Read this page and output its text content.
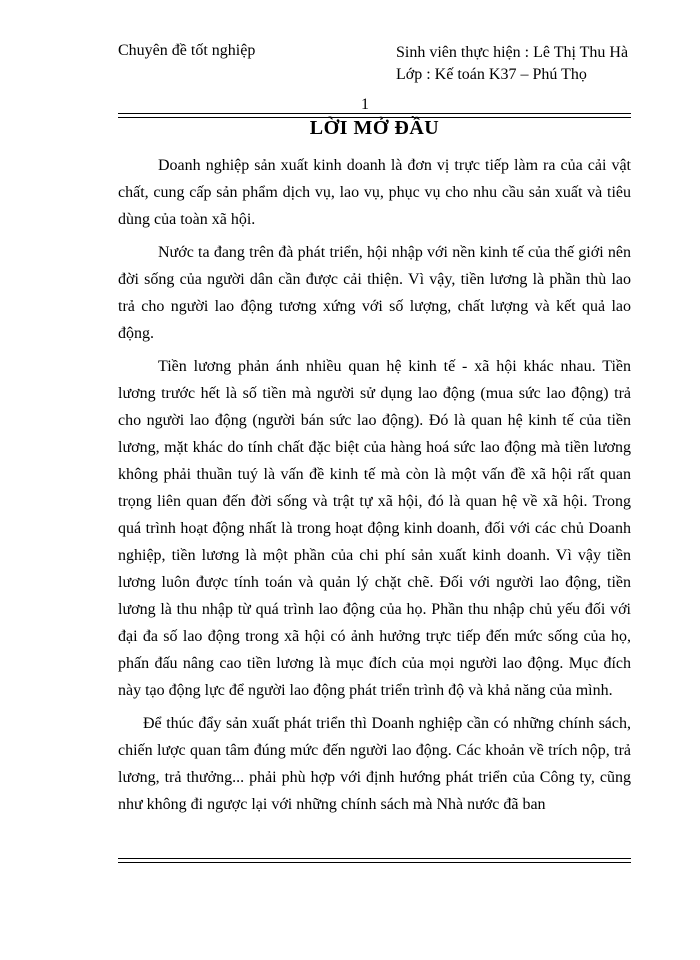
Chuyên đề tốt nghiệp	Sinh viên thực hiện : Lê Thị Thu Hà
Lớp : Kế toán K37 – Phú Thọ
1
LỜI MỞ ĐẦU

Doanh nghiệp sản xuất kinh doanh là đơn vị trực tiếp làm ra của cải vật chất, cung cấp sản phẩm dịch vụ, lao vụ, phục vụ cho nhu cầu sản xuất và tiêu dùng của toàn xã hội.

Nước ta đang trên đà phát triển, hội nhập với nền kinh tế của thế giới nên đời sống của người dân cần được cải thiện. Vì vậy, tiền lương là phần thù lao trả cho người lao động tương xứng với số lượng, chất lượng và kết quả lao động.

Tiền lương phản ánh nhiều quan hệ kinh tế - xã hội khác nhau. Tiền lương trước hết là số tiền mà người sử dụng lao động (mua sức lao động) trả cho người lao động (người bán sức lao động). Đó là quan hệ kinh tế của tiền lương, mặt khác do tính chất đặc biệt của hàng hoá sức lao động mà tiền lương không phải thuần tuý là vấn đề kinh tế mà còn là một vấn đề xã hội rất quan trọng liên quan đến đời sống và trật tự xã hội, đó là quan hệ về xã hội. Trong quá trình hoạt động nhất là trong hoạt động kinh doanh, đối với các chủ Doanh nghiệp, tiền lương là một phần của chi phí sản xuất kinh doanh. Vì vậy tiền lương luôn được tính toán và quản lý chặt chẽ. Đối với người lao động, tiền lương là thu nhập từ quá trình lao động của họ. Phần thu nhập chủ yếu đối với đại đa số lao động trong xã hội có ảnh hưởng trực tiếp đến mức sống của họ, phấn đấu nâng cao tiền lương là mục đích của mọi người lao động. Mục đích này tạo động lực để người lao động phát triển trình độ và khả năng của mình.

Để thúc đẩy sản xuất phát triển thì Doanh nghiệp cần có những chính sách, chiến lược quan tâm đúng mức đến người lao động. Các khoản về trích nộp, trả lương, trả thưởng... phải phù hợp với định hướng phát triển của Công ty, cũng như không đi ngược lại với những chính sách mà Nhà nước đã ban
